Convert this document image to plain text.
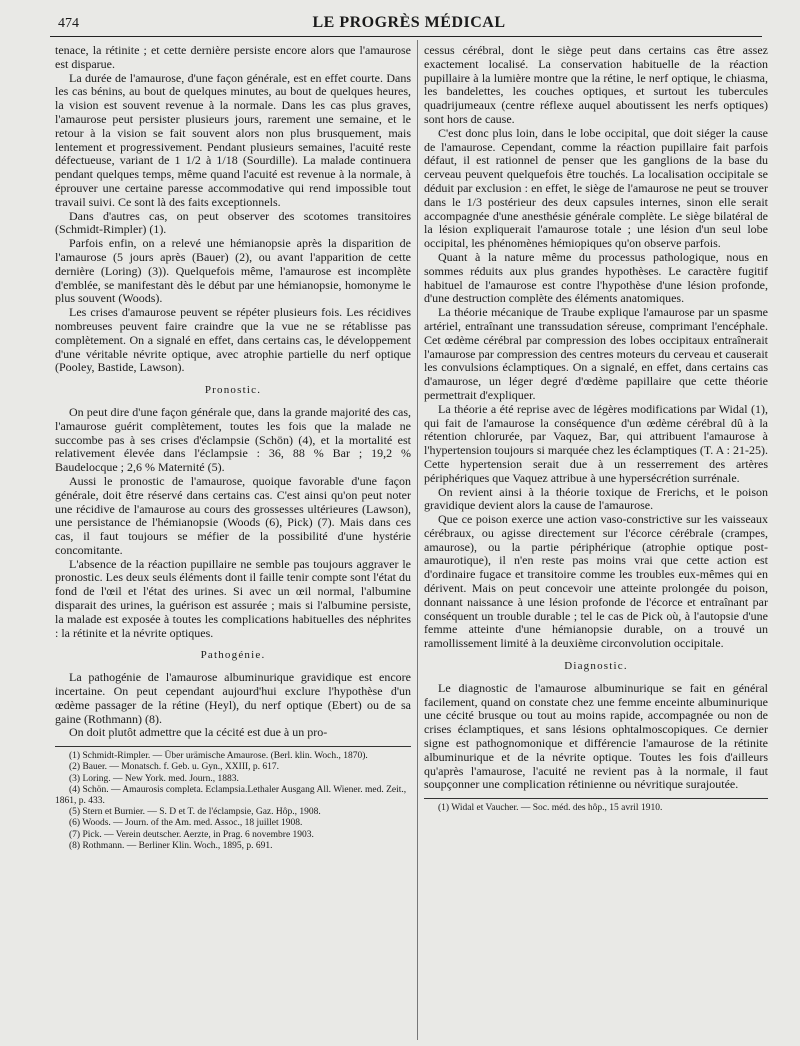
474	LE PROGRÈS MÉDICAL

tenace, la rétinite ; et cette dernière persiste encore alors que l'amaurose est disparue.

La durée de l'amaurose, d'une façon générale, est en effet courte. Dans les cas bénins, au bout de quelques minutes, au bout de quelques heures, la vision est souvent revenue à la normale. Dans les cas plus graves, l'amaurose peut persister plusieurs jours, rarement une semaine, et le retour à la vision se fait souvent alors non plus brusquement, mais lentement et progressivement. Pendant plusieurs semaines, l'acuité reste défectueuse, variant de 1 1/2 à 1/18 (Sourdille). La malade continuera pendant quelques temps, même quand l'acuité est revenue à la normale, à éprouver une certaine paresse accommodative qui rend impossible tout travail suivi. Ce sont là des faits exceptionnels.

Dans d'autres cas, on peut observer des scotomes transitoires (Schmidt-Rimpler) (1).

Parfois enfin, on a relevé une hémianopsie après la disparition de l'amaurose (5 jours après (Bauer) (2), ou avant l'apparition de cette dernière (Loring) (3)). Quelquefois même, l'amaurose est incomplète d'emblée, se manifestant dès le début par une hémianopsie, homonyme le plus souvent (Woods).

Les crises d'amaurose peuvent se répéter plusieurs fois. Les récidives nombreuses peuvent faire craindre que la vue ne se rétablisse pas complètement. On a signalé en effet, dans certains cas, le développement d'une véritable névrite optique, avec atrophie partielle du nerf optique (Pooley, Bastide, Lawson).

Pronostic.

On peut dire d'une façon générale que, dans la grande majorité des cas, l'amaurose guérit complètement, toutes les fois que la malade ne succombe pas à ses crises d'éclampsie (Schön) (4), et la mortalité est relativement élevée dans l'éclampsie : 36, 88 % Bar ; 19,2 % Baudelocque ; 2,6 % Maternité (5).

Aussi le pronostic de l'amaurose, quoique favorable d'une façon générale, doit être réservé dans certains cas. C'est ainsi qu'on peut noter une récidive de l'amaurose au cours des grossesses ultérieures (Lawson), une persistance de l'hémianopsie (Woods (6), Pick) (7). Mais dans ces cas, il faut toujours se méfier de la possibilité d'une hystérie concomitante.

L'absence de la réaction pupillaire ne semble pas toujours aggraver le pronostic. Les deux seuls éléments dont il faille tenir compte sont l'état du fond de l'œil et l'état des urines. Si avec un œil normal, l'albumine disparait des urines, la guérison est assurée ; mais si l'albumine persiste, la malade est exposée à toutes les complications habituelles des néphrites : la rétinite et la névrite optiques.

Pathogénie.

La pathogénie de l'amaurose albuminurique gravidique est encore incertaine. On peut cependant aujourd'hui exclure l'hypothèse d'un œdème passager de la rétine (Heyl), du nerf optique (Ebert) ou de sa gaine (Rothmann) (8).

On doit plutôt admettre que la cécité est due à un pro-

(1) Schmidt-Rimpler. — Über urämische Amaurose. (Berl. klin. Woch., 1870).

(2) Bauer. — Monatsch. f. Geb. u. Gyn., XXIII, p. 617.

(3) Loring. — New York. med. Journ., 1883.

(4) Schön. — Amaurosis completa. Eclampsia.Lethaler Ausgang All. Wiener. med. Zeit., 1861, p. 433.

(5) Stern et Burnier. — S. D et T. de l'éclampsie, Gaz. Hôp., 1908.

(6) Woods. — Journ. of the Am. med. Assoc., 18 juillet 1908.

(7) Pick. — Verein deutscher. Aerzte, in Prag. 6 novembre 1903.

(8) Rothmann. — Berliner Klin. Woch., 1895, p. 691.

cessus cérébral, dont le siège peut dans certains cas être assez exactement localisé. La conservation habituelle de la réaction pupillaire à la lumière montre que la rétine, le nerf optique, le chiasma, les bandelettes, les couches optiques, et surtout les tubercules quadrijumeaux (centre réflexe auquel aboutissent les nerfs optiques) sont hors de cause.

C'est donc plus loin, dans le lobe occipital, que doit siéger la cause de l'amaurose. Cependant, comme la réaction pupillaire fait parfois défaut, il est rationnel de penser que les ganglions de la base du cerveau peuvent quelquefois être touchés. La localisation occipitale se déduit par exclusion : en effet, le siège de l'amaurose ne peut se trouver dans le 1/3 postérieur des deux capsules internes, sinon elle serait accompagnée d'une anesthésie générale complète. Le siège bilatéral de la lésion expliquerait l'amaurose totale ; une lésion d'un seul lobe occipital, les phénomènes hémiopiques qu'on observe parfois.

Quant à la nature même du processus pathologique, nous en sommes réduits aux plus grandes hypothèses. Le caractère fugitif habituel de l'amaurose est contre l'hypothèse d'une lésion profonde, d'une destruction complète des éléments anatomiques.

La théorie mécanique de Traube explique l'amaurose par un spasme artériel, entraînant une transsudation séreuse, comprimant l'encéphale. Cet œdème cérébral par compression des lobes occipitaux entraînerait l'amaurose par compression des centres moteurs du cerveau et causerait les convulsions éclamptiques. On a signalé, en effet, dans certains cas d'amaurose, un léger degré d'œdème papillaire que cette théorie permettrait d'expliquer.

La théorie a été reprise avec de légères modifications par Widal (1), qui fait de l'amaurose la conséquence d'un œdème cérébral dû à la rétention chlorurée, par Vaquez, Bar, qui attribuent l'amaurose à l'hypertension toujours si marquée chez les éclamptiques (T. A : 21-25). Cette hypertension serait due à un resserrement des artères périphériques que Vaquez attribue à une hypersécrétion surrénale.

On revient ainsi à la théorie toxique de Frerichs, et le poison gravidique devient alors la cause de l'amaurose.

Que ce poison exerce une action vaso-constrictive sur les vaisseaux cérébraux, ou agisse directement sur l'écorce cérébrale (crampes, amaurose), ou la partie périphérique (atrophie optique post-amaurotique), il n'en reste pas moins vrai que cette action est d'ordinaire fugace et transitoire comme les troubles eux-mêmes qui en dérivent. Mais on peut concevoir une atteinte prolongée du poison, donnant naissance à une lésion profonde de l'écorce et entraînant par conséquent un trouble durable ; tel le cas de Pick où, à l'autopsie d'une femme atteinte d'une hémianopsie durable, on a trouvé un ramollissement limité à la deuxième circonvolution occipitale.

Diagnostic.

Le diagnostic de l'amaurose albuminurique se fait en général facilement, quand on constate chez une femme enceinte albuminurique une cécité brusque ou tout au moins rapide, accompagnée ou non de crises éclamptiques, et sans lésions ophtalmoscopiques. Ce dernier signe est pathognomonique et différencie l'amaurose de la rétinite albuminurique et de la névrite optique. Toutes les fois d'ailleurs qu'après l'amaurose, l'acuité ne revient pas à la normale, il faut soupçonner une complication rétinienne ou névritique surajoutée.

(1) Widal et Vaucher. — Soc. méd. des hôp., 15 avril 1910.
